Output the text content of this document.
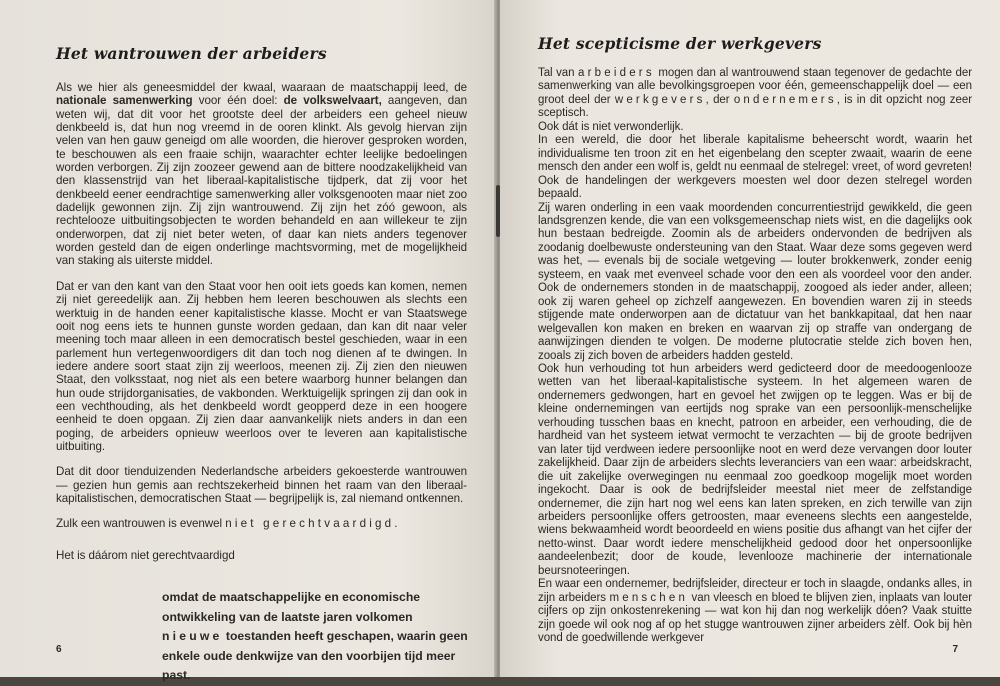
Het wantrouwen der arbeiders

Als we hier als geneesmiddel der kwaal, waaraan de maatschappij leed, de nationale samenwerking voor één doel: de volkswelvaart, aangeven, dan weten wij, dat dit voor het grootste deel der arbeiders een geheel nieuw denkbeeld is, dat hun nog vreemd in de ooren klinkt. Als gevolg hiervan zijn velen van hen gauw geneigd om alle woorden, die hierover gesproken worden, te beschouwen als een fraaie schijn, waarachter echter leelijke bedoelingen worden verborgen. Zij zijn zoozeer gewend aan de bittere noodzakelijkheid van den klassenstrijd van het liberaal-kapitalistische tijdperk, dat zij voor het denkbeeld eener eendrachtige samenwerking aller volksgenooten maar niet zoo dadelijk gewonnen zijn. Zij zijn wantrouwend. Zij zijn het zóó gewoon, als rechtelooze uitbuitingsobjecten te worden behandeld en aan willekeur te zijn onderworpen, dat zij niet beter weten, of daar kan niets anders tegenover worden gesteld dan de eigen onderlinge machtsvorming, met de mogelijkheid van staking als uiterste middel.

Dat er van den kant van den Staat voor hen ooit iets goeds kan komen, nemen zij niet gereedelijk aan. Zij hebben hem leeren beschouwen als slechts een werktuig in de handen eener kapitalistische klasse. Mocht er van Staatswege ooit nog eens iets te hunnen gunste worden gedaan, dan kan dit naar veler meening toch maar alleen in een democratisch bestel geschieden, waar in een parlement hun vertegenwoordigers dit dan toch nog dienen af te dwingen. In iedere andere soort staat zijn zij weerloos, meenen zij. Zij zien den nieuwen Staat, den volksstaat, nog niet als een betere waarborg hunner belangen dan hun oude strijdorganisaties, de vakbonden. Werktuigelijk springen zij dan ook in een vechthouding, als het denkbeeld wordt geopperd deze in een hoogere eenheid te doen opgaan. Zij zien daar aanvankelijk niets anders in dan een poging, de arbeiders opnieuw weerloos over te leveren aan kapitalistische uitbuiting.

Dat dit door tienduizenden Nederlandsche arbeiders gekoesterde wantrouwen — gezien hun gemis aan rechtszekerheid binnen het raam van den liberaal-kapitalistischen, democratischen Staat — begrijpelijk is, zal niemand ontkennen.

Zulk een wantrouwen is evenwel niet gerechtvaardigd.

Het is dáárom niet gerechtvaardigd

omdat de maatschappelijke en economische ontwikkeling van de laatste jaren volkomen nieuwe toestanden heeft geschapen, waarin geen enkele oude denkwijze van den voorbijen tijd meer past.

6
Het scepticisme der werkgevers

Tal van arbeiders mogen dan al wantrouwend staan tegenover de gedachte der samenwerking van alle bevolkingsgroepen voor één, gemeenschappelijk doel — een groot deel der werkgevers, der ondernemers, is in dit opzicht nog zeer sceptisch.

Ook dát is niet verwonderlijk.

In een wereld, die door het liberale kapitalisme beheerscht wordt, waarin het individualisme ten troon zit en het eigenbelang den scepter zwaait, waarin de eene mensch den ander een wolf is, geldt nu eenmaal de stelregel: vreet, of word gevreten! Ook de handelingen der werkgevers moesten wel door dezen stelregel worden bepaald.

Zij waren onderling in een vaak moordenden concurrentiestrijd gewikkeld, die geen landsgrenzen kende, die van een volksgemeenschap niets wist, en die dagelijks ook hun bestaan bedreigde. Zoomin als de arbeiders ondervonden de bedrijven als zoodanig doelbewuste ondersteuning van den Staat. Waar deze soms gegeven werd was het, — evenals bij de sociale wetgeving — louter brokkenwerk, zonder eenig systeem, en vaak met evenveel schade voor den een als voordeel voor den ander. Ook de ondernemers stonden in de maatschappij, zoogoed als ieder ander, alleen; ook zij waren geheel op zichzelf aangewezen. En bovendien waren zij in steeds stijgende mate onderworpen aan de dictatuur van het bankkapitaal, dat hen naar welgevallen kon maken en breken en waarvan zij op straffe van ondergang de aanwijzingen dienden te volgen. De moderne plutocratie stelde zich boven hen, zooals zij zich boven de arbeiders hadden gesteld.

Ook hun verhouding tot hun arbeiders werd gedicteerd door de meedoogenlooze wetten van het liberaal-kapitalistische systeem. In het algemeen waren de ondernemers gedwongen, hart en gevoel het zwijgen op te leggen. Was er bij de kleine ondernemingen van eertijds nog sprake van een persoonlijk-menschelijke verhouding tusschen baas en knecht, patroon en arbeider, een verhouding, die de hardheid van het systeem ietwat vermocht te verzachten — bij de groote bedrijven van later tijd verdween iedere persoonlijke noot en werd deze vervangen door louter zakelijkheid. Daar zijn de arbeiders slechts leveranciers van een waar: arbeidskracht, die uit zakelijke overwegingen nu eenmaal zoo goedkoop mogelijk moet worden ingekocht. Daar is ook de bedrijfsleider meestal niet meer de zelfstandige ondernemer, die zijn hart nog wel eens kan laten spreken, en zich terwille van zijn arbeiders persoonlijke offers getroosten, maar eveneens slechts een aangestelde, wiens bekwaamheid wordt beoordeeld en wiens positie dus afhangt van het cijfer der netto-winst. Daar wordt iedere menschelijkheid gedood door het onpersoonlijke aandeelenbezit; door de koude, levenlooze machinerie der internationale beursnoteeringen.

En waar een ondernemer, bedrijfsleider, directeur er toch in slaagde, ondanks alles, in zijn arbeiders menschen van vleesch en bloed te blijven zien, inplaats van louter cijfers op zijn onkostenrekening — wat kon hij dan nog werkelijk dóen? Vaak stuitte zijn goede wil ook nog af op het stugge wantrouwen zijner arbeiders zèlf. Ook bij hèn vond de goedwillende werkgever

7
